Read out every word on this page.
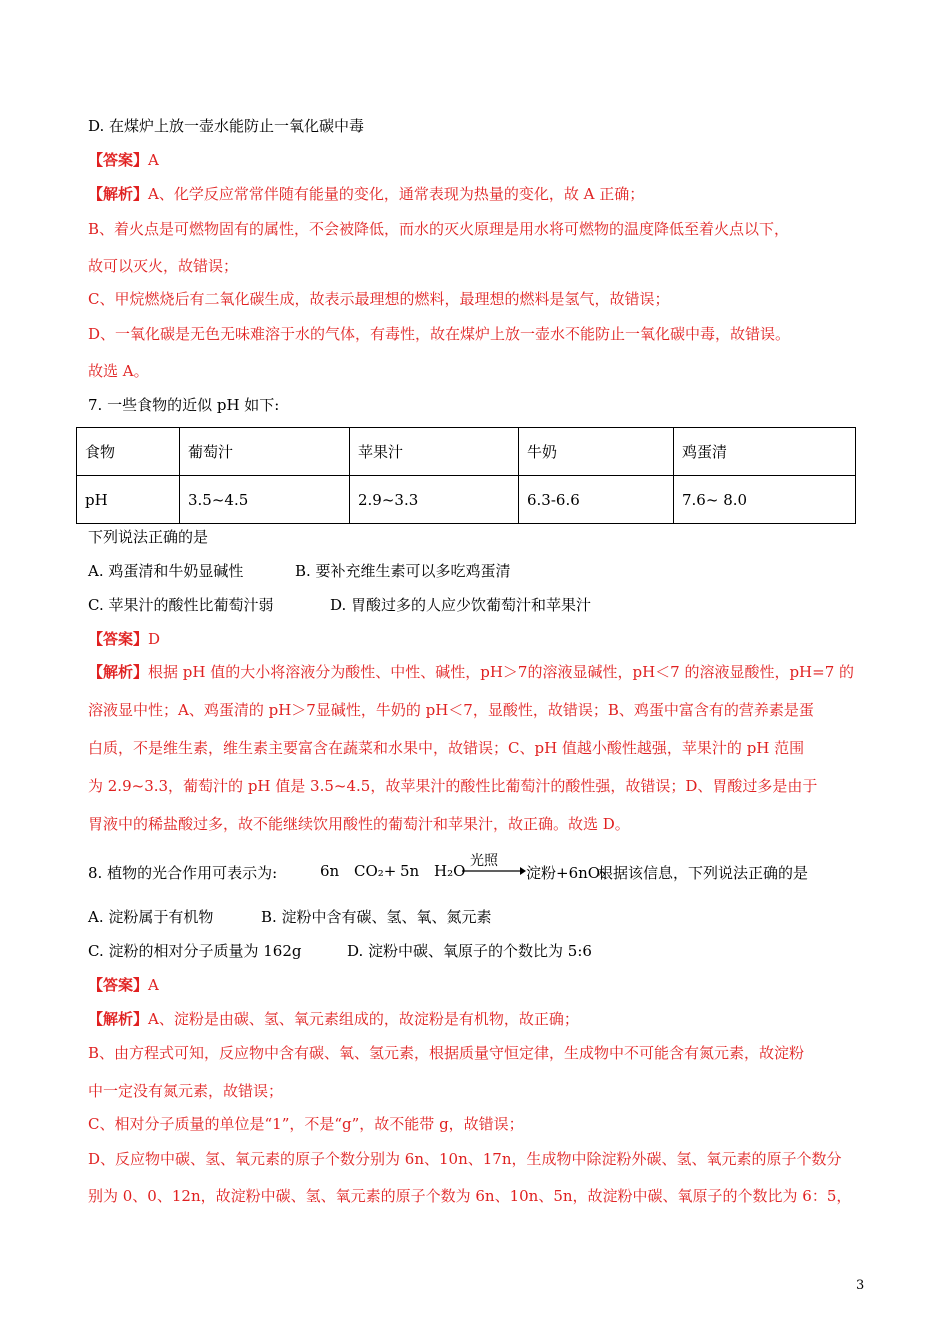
D. 在煤炉上放一壶水能防止一氧化碳中毒
【答案】A
【解析】A、化学反应常常伴随有能量的变化，通常表现为热量的变化，故 A 正确；
B、着火点是可燃物固有的属性，不会被降低，而水的灭火原理是用水将可燃物的温度降低至着火点以下，
故可以灭火，故错误；
C、甲烷燃烧后有二氧化碳生成，故表示最理想的燃料，最理想的燃料是氢气，故错误；
D、一氧化碳是无色无味难溶于水的气体，有毒性，故在煤炉上放一壶水不能防止一氧化碳中毒，故错误。
故选 A。
7. 一些食物的近似 pH 如下:
食物	葡萄汁	苹果汁	牛奶	鸡蛋清
pH	3.5~4.5	2.9~3.3	6.3-6.6	7.6~ 8.0
下列说法正确的是
A. 鸡蛋清和牛奶显碱性	B. 要补充维生素可以多吃鸡蛋清
C. 苹果汁的酸性比葡萄汁弱	D. 胃酸过多的人应少饮葡萄汁和苹果汁
【答案】D
【解析】根据 pH 值的大小将溶液分为酸性、中性、碱性，pH＞7的溶液显碱性，pH＜7 的溶液显酸性，pH=7 的
溶液显中性；A、鸡蛋清的 pH＞7显碱性，牛奶的 pH＜7，显酸性，故错误；B、鸡蛋中富含有的营养素是蛋
白质，不是维生素，维生素主要富含在蔬菜和水果中，故错误；C、pH 值越小酸性越强，苹果汁的 pH 范围
为 2.9~3.3，葡萄汁的 pH 值是 3.5~4.5，故苹果汁的酸性比葡萄汁的酸性强，故错误；D、胃酸过多是由于
胃液中的稀盐酸过多，故不能继续饮用酸性的葡萄汁和苹果汁，故正确。故选 D。
8. 植物的光合作用可表示为:	6n CO₂+ 5n H₂O
光照
淀粉+6nO₂
根据该信息，下列说法正确的是
A. 淀粉属于有机物	B. 淀粉中含有碳、氢、氧、氮元素
C. 淀粉的相对分子质量为 162g	D. 淀粉中碳、氧原子的个数比为 5:6
【答案】A
【解析】A、淀粉是由碳、氢、氧元素组成的，故淀粉是有机物，故正确；
B、由方程式可知，反应物中含有碳、氧、氢元素，根据质量守恒定律，生成物中不可能含有氮元素，故淀粉
中一定没有氮元素，故错误；
C、相对分子质量的单位是“1”，不是“g”，故不能带 g，故错误；
D、反应物中碳、氢、氧元素的原子个数分别为 6n、10n、17n，生成物中除淀粉外碳、氢、氧元素的原子个数分
别为 0、0、12n，故淀粉中碳、氢、氧元素的原子个数为 6n、10n、5n，故淀粉中碳、氧原子的个数比为 6：5，
3
